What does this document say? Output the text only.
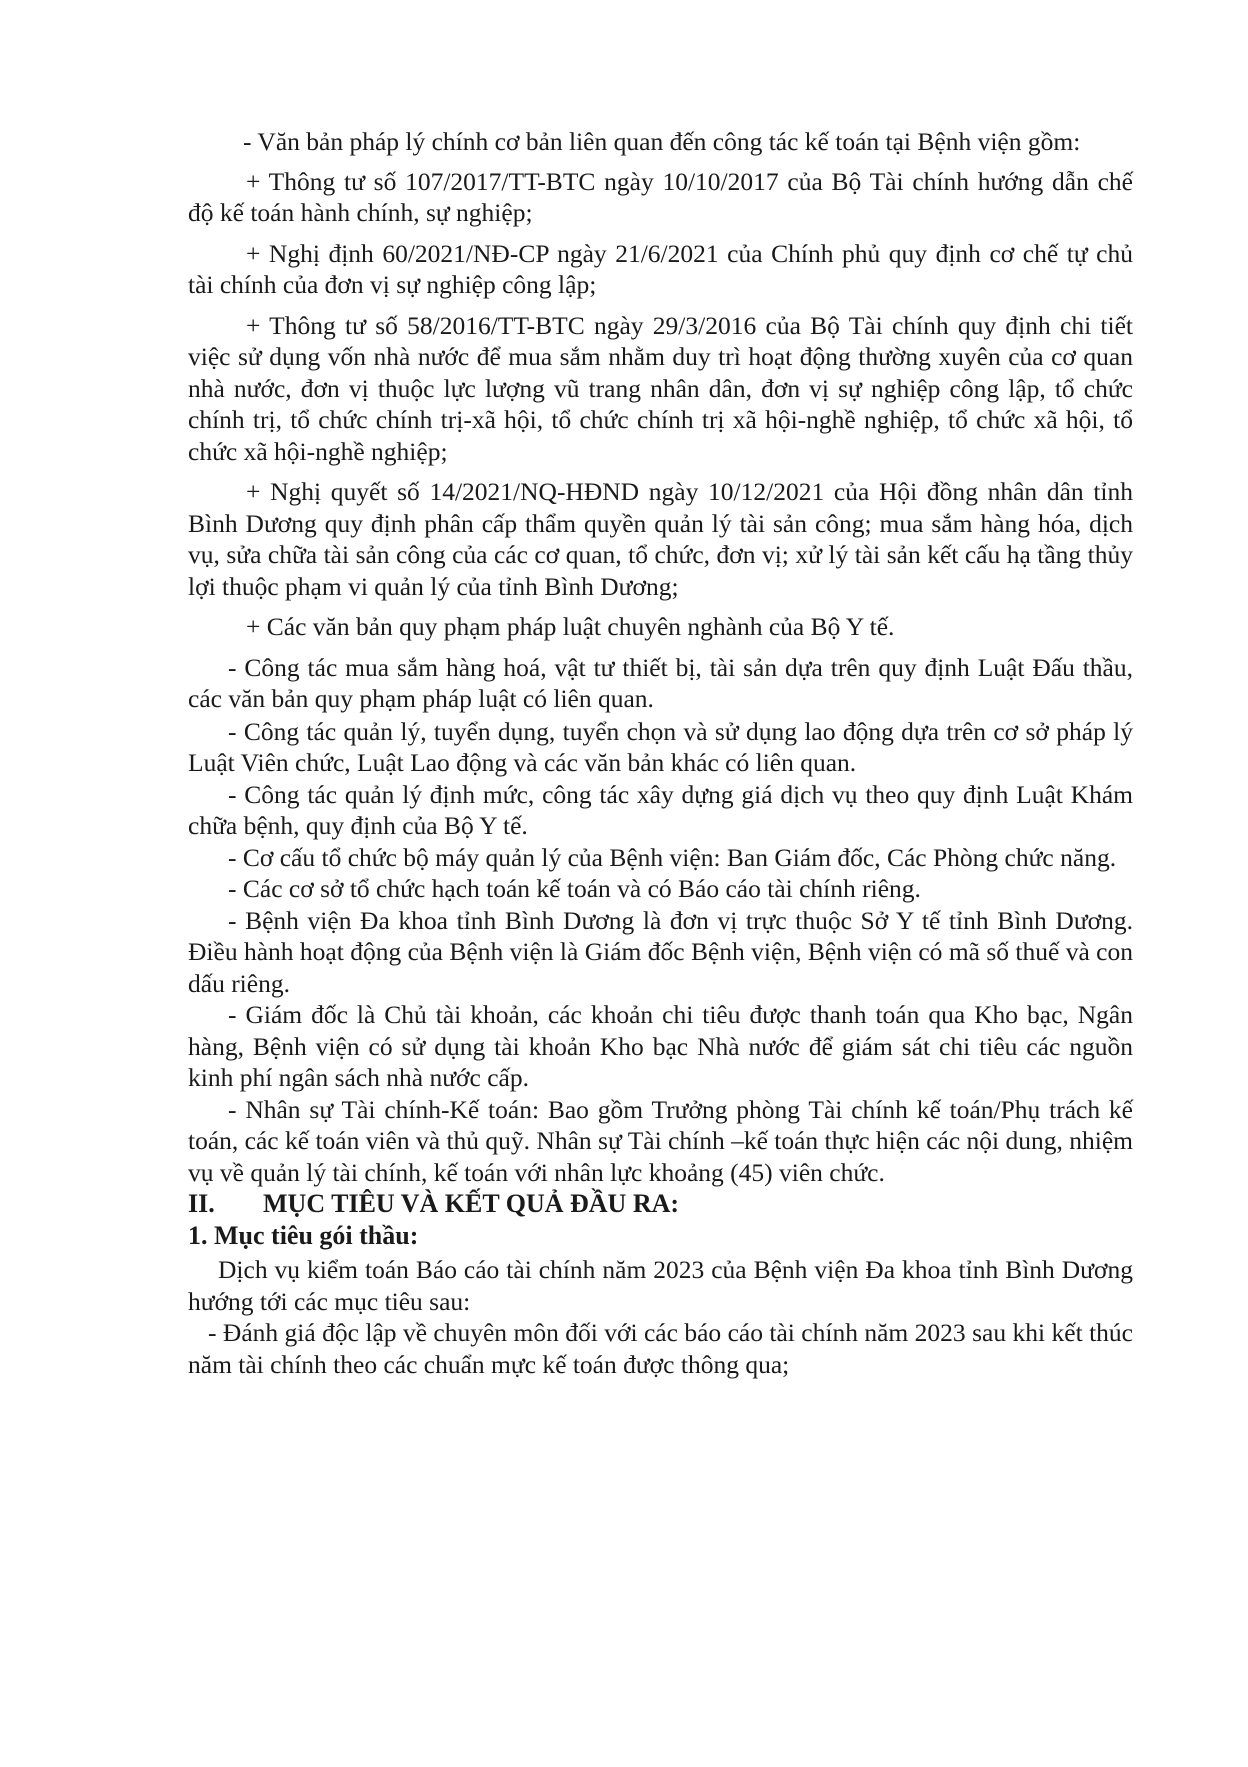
- Văn bản pháp lý chính cơ bản liên quan đến công tác kế toán tại Bệnh viện gồm:

+ Thông tư số 107/2017/TT-BTC ngày 10/10/2017 của Bộ Tài chính hướng dẫn chế độ kế toán hành chính, sự nghiệp;

+ Nghị định 60/2021/NĐ-CP ngày 21/6/2021 của Chính phủ quy định cơ chế tự chủ tài chính của đơn vị sự nghiệp công lập;

+ Thông tư số 58/2016/TT-BTC ngày 29/3/2016 của Bộ Tài chính quy định chi tiết việc sử dụng vốn nhà nước để mua sắm nhằm duy trì hoạt động thường xuyên của cơ quan nhà nước, đơn vị thuộc lực lượng vũ trang nhân dân, đơn vị sự nghiệp công lập, tổ chức chính trị, tổ chức chính trị-xã hội, tổ chức chính trị xã hội-nghề nghiệp, tổ chức xã hội, tổ chức xã hội-nghề nghiệp;

+ Nghị quyết số 14/2021/NQ-HĐND ngày 10/12/2021 của Hội đồng nhân dân tỉnh Bình Dương quy định phân cấp thẩm quyền quản lý tài sản công; mua sắm hàng hóa, dịch vụ, sửa chữa tài sản công của các cơ quan, tổ chức, đơn vị; xử lý tài sản kết cấu hạ tầng thủy lợi thuộc phạm vi quản lý của tỉnh Bình Dương;

+ Các văn bản quy phạm pháp luật chuyên nghành của Bộ Y tế.

- Công tác mua sắm hàng hoá, vật tư thiết bị, tài sản dựa trên quy định Luật Đấu thầu, các văn bản quy phạm pháp luật có liên quan.

- Công tác quản lý, tuyển dụng, tuyển chọn và sử dụng lao động dựa trên cơ sở pháp lý Luật Viên chức, Luật Lao động và các văn bản khác có liên quan.

- Công tác quản lý định mức, công tác xây dựng giá dịch vụ theo quy định Luật Khám chữa bệnh, quy định của Bộ Y tế.

- Cơ cấu tổ chức bộ máy quản lý của Bệnh viện: Ban Giám đốc, Các Phòng chức năng.

- Các cơ sở tổ chức hạch toán kế toán và có Báo cáo tài chính riêng.

- Bệnh viện Đa khoa tỉnh Bình Dương là đơn vị trực thuộc Sở Y tế tỉnh Bình Dương. Điều hành hoạt động của Bệnh viện là Giám đốc Bệnh viện, Bệnh viện có mã số thuế và con dấu riêng.

- Giám đốc là Chủ tài khoản, các khoản chi tiêu được thanh toán qua Kho bạc, Ngân hàng, Bệnh viện có sử dụng tài khoản Kho bạc Nhà nước để giám sát chi tiêu các nguồn kinh phí ngân sách nhà nước cấp.

- Nhân sự Tài chính-Kế toán: Bao gồm Trưởng phòng Tài chính kế toán/Phụ trách kế toán, các kế toán viên và thủ quỹ. Nhân sự Tài chính –kế toán thực hiện các nội dung, nhiệm vụ về quản lý tài chính, kế toán với nhân lực khoảng (45) viên chức.

II. MỤC TIÊU VÀ KẾT QUẢ ĐẦU RA:

1. Mục tiêu gói thầu:

Dịch vụ kiểm toán Báo cáo tài chính năm 2023 của Bệnh viện Đa khoa tỉnh Bình Dương hướng tới các mục tiêu sau:

- Đánh giá độc lập về chuyên môn đối với các báo cáo tài chính năm 2023 sau khi kết thúc năm tài chính theo các chuẩn mực kế toán được thông qua;
